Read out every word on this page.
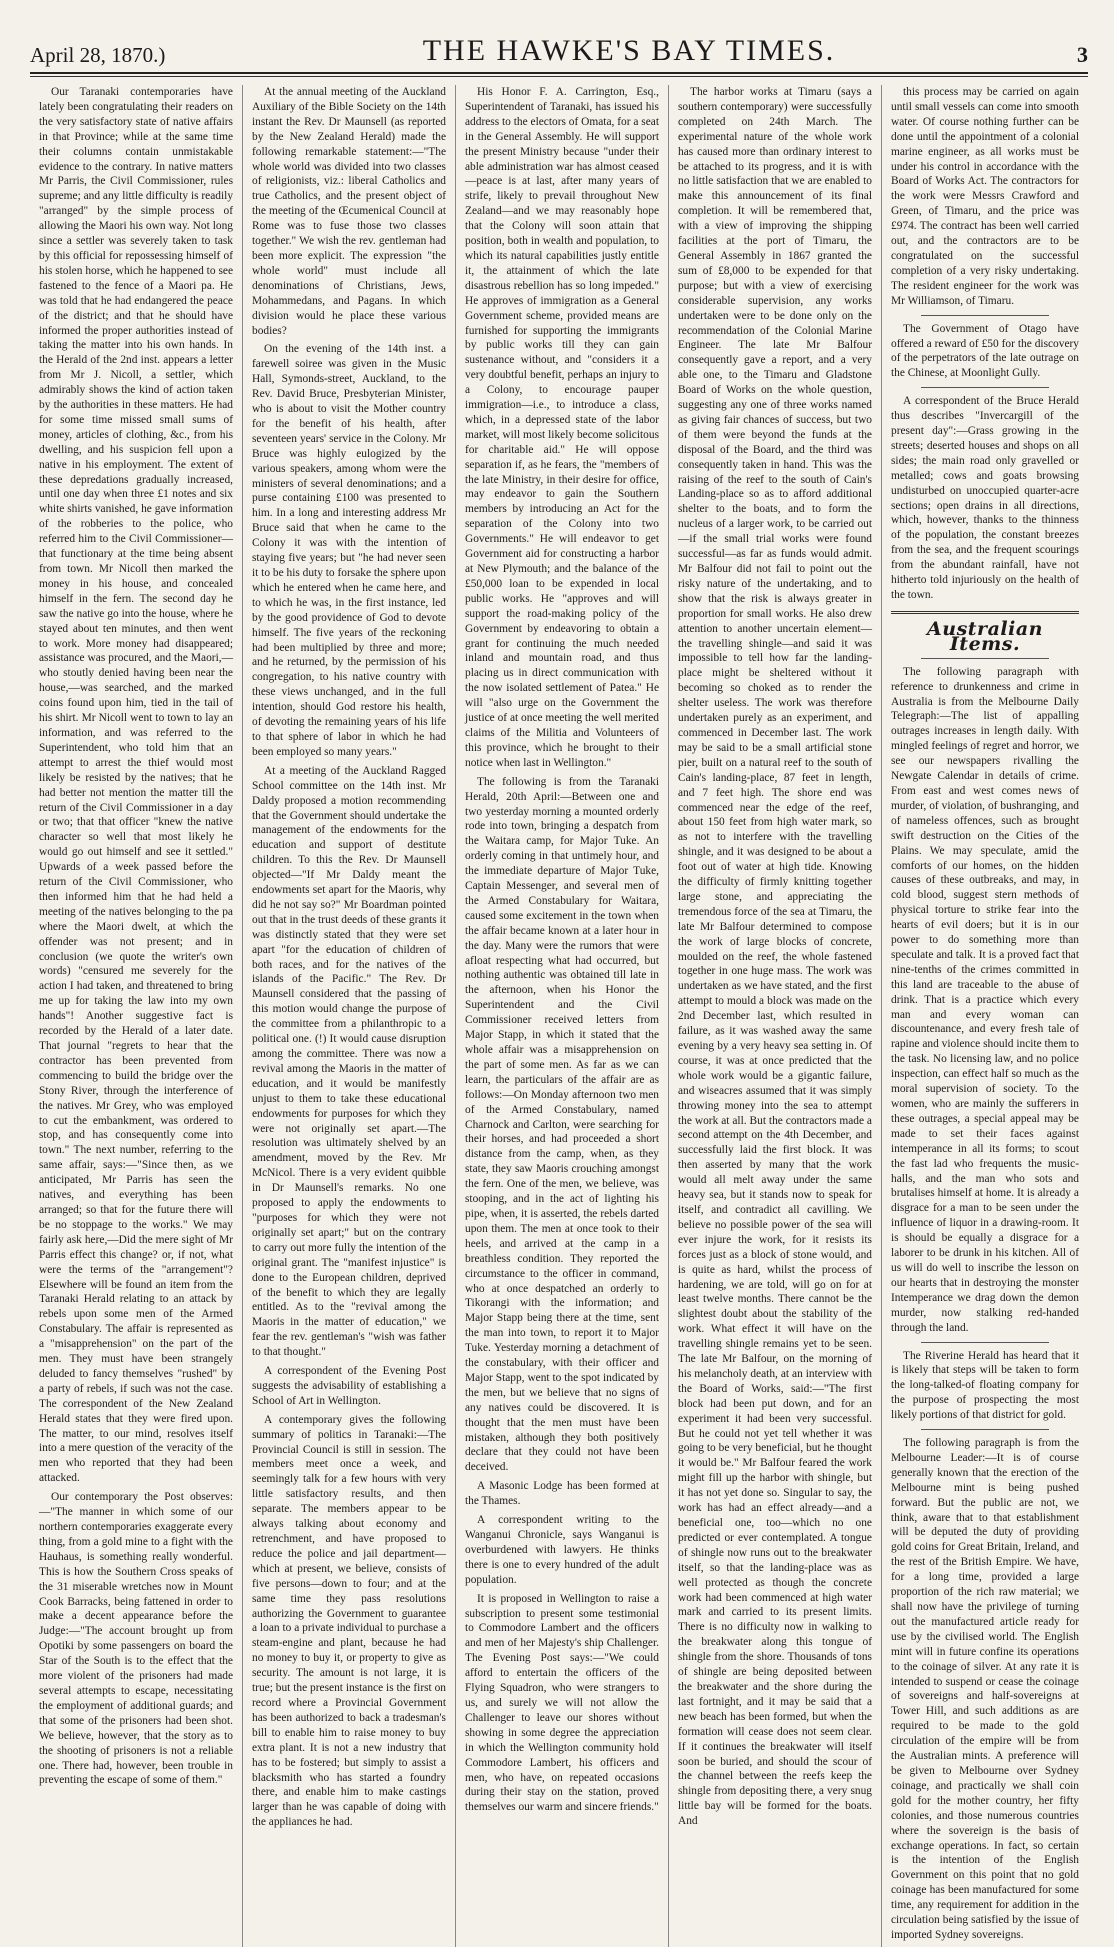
April 28, 1870.)	THE HAWKE'S BAY TIMES.	3

Our Taranaki contemporaries have lately been congratulating their readers on the very satisfactory state of native affairs in that Province; while at the same time their columns contain unmistakable evidence to the contrary. In native matters Mr Parris, the Civil Commissioner, rules supreme; and any little difficulty is readily "arranged" by the simple process of allowing the Maori his own way. Not long since a settler was severely taken to task by this official for repossessing himself of his stolen horse, which he happened to see fastened to the fence of a Maori pa. He was told that he had endangered the peace of the district; and that he should have informed the proper authorities instead of taking the matter into his own hands. In the Herald of the 2nd inst. appears a letter from Mr J. Nicoll, a settler, which admirably shows the kind of action taken by the authorities in these matters. He had for some time missed small sums of money, articles of clothing, &c., from his dwelling, and his suspicion fell upon a native in his employment. The extent of these depredations gradually increased, until one day when three £1 notes and six white shirts vanished, he gave information of the robberies to the police, who referred him to the Civil Commissioner—that functionary at the time being absent from town. Mr Nicoll then marked the money in his house, and concealed himself in the fern. The second day he saw the native go into the house, where he stayed about ten minutes, and then went to work. More money had disappeared; assistance was procured, and the Maori,—who stoutly denied having been near the house,—was searched, and the marked coins found upon him, tied in the tail of his shirt. Mr Nicoll went to town to lay an information, and was referred to the Superintendent, who told him that an attempt to arrest the thief would most likely be resisted by the natives; that he had better not mention the matter till the return of the Civil Commissioner in a day or two; that that officer "knew the native character so well that most likely he would go out himself and see it settled." Upwards of a week passed before the return of the Civil Commissioner, who then informed him that he had held a meeting of the natives belonging to the pa where the Maori dwelt, at which the offender was not present; and in conclusion (we quote the writer's own words) "censured me severely for the action I had taken, and threatened to bring me up for taking the law into my own hands"! Another suggestive fact is recorded by the Herald of a later date. That journal "regrets to hear that the contractor has been prevented from commencing to build the bridge over the Stony River, through the interference of the natives. Mr Grey, who was employed to cut the embankment, was ordered to stop, and has consequently come into town." The next number, referring to the same affair, says:—"Since then, as we anticipated, Mr Parris has seen the natives, and everything has been arranged; so that for the future there will be no stoppage to the works." We may fairly ask here,—Did the mere sight of Mr Parris effect this change? or, if not, what were the terms of the "arrangement"? Elsewhere will be found an item from the Taranaki Herald relating to an attack by rebels upon some men of the Armed Constabulary. The affair is represented as a "misapprehension" on the part of the men. They must have been strangely deluded to fancy themselves "rushed" by a party of rebels, if such was not the case. The correspondent of the New Zealand Herald states that they were fired upon. The matter, to our mind, resolves itself into a mere question of the veracity of the men who reported that they had been attacked.

Our contemporary the Post observes:—"The manner in which some of our northern contemporaries exaggerate every thing, from a gold mine to a fight with the Hauhaus, is something really wonderful. This is how the Southern Cross speaks of the 31 miserable wretches now in Mount Cook Barracks, being fattened in order to make a decent appearance before the Judge:—"The account brought up from Opotiki by some passengers on board the Star of the South is to the effect that the more violent of the prisoners had made several attempts to escape, necessitating the employment of additional guards; and that some of the prisoners had been shot. We believe, however, that the story as to the shooting of prisoners is not a reliable one. There had, however, been trouble in preventing the escape of some of them."

At the annual meeting of the Auckland Auxiliary of the Bible Society on the 14th instant the Rev. Dr Maunsell (as reported by the New Zealand Herald) made the following remarkable statement:—"The whole world was divided into two classes of religionists, viz.: liberal Catholics and true Catholics, and the present object of the meeting of the Œcumenical Council at Rome was to fuse those two classes together." We wish the rev. gentleman had been more explicit. The expression "the whole world" must include all denominations of Christians, Jews, Mohammedans, and Pagans. In which division would he place these various bodies?

On the evening of the 14th inst. a farewell soiree was given in the Music Hall, Symonds-street, Auckland, to the Rev. David Bruce, Presbyterian Minister, who is about to visit the Mother country for the benefit of his health, after seventeen years' service in the Colony. Mr Bruce was highly eulogized by the various speakers, among whom were the ministers of several denominations; and a purse containing £100 was presented to him. In a long and interesting address Mr Bruce said that when he came to the Colony it was with the intention of staying five years; but "he had never seen it to be his duty to forsake the sphere upon which he entered when he came here, and to which he was, in the first instance, led by the good providence of God to devote himself. The five years of the reckoning had been multiplied by three and more; and he returned, by the permission of his congregation, to his native country with these views unchanged, and in the full intention, should God restore his health, of devoting the remaining years of his life to that sphere of labor in which he had been employed so many years."

At a meeting of the Auckland Ragged School committee on the 14th inst. Mr Daldy proposed a motion recommending that the Government should undertake the management of the endowments for the education and support of destitute children. To this the Rev. Dr Maunsell objected—"If Mr Daldy meant the endowments set apart for the Maoris, why did he not say so?" Mr Boardman pointed out that in the trust deeds of these grants it was distinctly stated that they were set apart "for the education of children of both races, and for the natives of the islands of the Pacific." The Rev. Dr Maunsell considered that the passing of this motion would change the purpose of the committee from a philanthropic to a political one. (!) It would cause disruption among the committee. There was now a revival among the Maoris in the matter of education, and it would be manifestly unjust to them to take these educational endowments for purposes for which they were not originally set apart.—The resolution was ultimately shelved by an amendment, moved by the Rev. Mr McNicol. There is a very evident quibble in Dr Maunsell's remarks. No one proposed to apply the endowments to "purposes for which they were not originally set apart;" but on the contrary to carry out more fully the intention of the original grant. The "manifest injustice" is done to the European children, deprived of the benefit to which they are legally entitled. As to the "revival among the Maoris in the matter of education," we fear the rev. gentleman's "wish was father to that thought."

A correspondent of the Evening Post suggests the advisability of establishing a School of Art in Wellington.

A contemporary gives the following summary of politics in Taranaki:—The Provincial Council is still in session. The members meet once a week, and seemingly talk for a few hours with very little satisfactory results, and then separate. The members appear to be always talking about economy and retrenchment, and have proposed to reduce the police and jail department—which at present, we believe, consists of five persons—down to four; and at the same time they pass resolutions authorizing the Government to guarantee a loan to a private individual to purchase a steam-engine and plant, because he had no money to buy it, or property to give as security. The amount is not large, it is true; but the present instance is the first on record where a Provincial Government has been authorized to back a tradesman's bill to enable him to raise money to buy extra plant. It is not a new industry that has to be fostered; but simply to assist a blacksmith who has started a foundry there, and enable him to make castings larger than he was capable of doing with the appliances he had.

His Honor F. A. Carrington, Esq., Superintendent of Taranaki, has issued his address to the electors of Omata, for a seat in the General Assembly. He will support the present Ministry because "under their able administration war has almost ceased—peace is at last, after many years of strife, likely to prevail throughout New Zealand—and we may reasonably hope that the Colony will soon attain that position, both in wealth and population, to which its natural capabilities justly entitle it, the attainment of which the late disastrous rebellion has so long impeded." He approves of immigration as a General Government scheme, provided means are furnished for supporting the immigrants by public works till they can gain sustenance without, and "considers it a very doubtful benefit, perhaps an injury to a Colony, to encourage pauper immigration—i.e., to introduce a class, which, in a depressed state of the labor market, will most likely become solicitous for charitable aid." He will oppose separation if, as he fears, the "members of the late Ministry, in their desire for office, may endeavor to gain the Southern members by introducing an Act for the separation of the Colony into two Governments." He will endeavor to get Government aid for constructing a harbor at New Plymouth; and the balance of the £50,000 loan to be expended in local public works. He "approves and will support the road-making policy of the Government by endeavoring to obtain a grant for continuing the much needed inland and mountain road, and thus placing us in direct communication with the now isolated settlement of Patea." He will "also urge on the Government the justice of at once meeting the well merited claims of the Militia and Volunteers of this province, which he brought to their notice when last in Wellington."

The following is from the Taranaki Herald, 20th April:—Between one and two yesterday morning a mounted orderly rode into town, bringing a despatch from the Waitara camp, for Major Tuke. An orderly coming in that untimely hour, and the immediate departure of Major Tuke, Captain Messenger, and several men of the Armed Constabulary for Waitara, caused some excitement in the town when the affair became known at a later hour in the day. Many were the rumors that were afloat respecting what had occurred, but nothing authentic was obtained till late in the afternoon, when his Honor the Superintendent and the Civil Commissioner received letters from Major Stapp, in which it stated that the whole affair was a misapprehension on the part of some men. As far as we can learn, the particulars of the affair are as follows:—On Monday afternoon two men of the Armed Constabulary, named Charnock and Carlton, were searching for their horses, and had proceeded a short distance from the camp, when, as they state, they saw Maoris crouching amongst the fern. One of the men, we believe, was stooping, and in the act of lighting his pipe, when, it is asserted, the rebels darted upon them. The men at once took to their heels, and arrived at the camp in a breathless condition. They reported the circumstance to the officer in command, who at once despatched an orderly to Tikorangi with the information; and Major Stapp being there at the time, sent the man into town, to report it to Major Tuke. Yesterday morning a detachment of the constabulary, with their officer and Major Stapp, went to the spot indicated by the men, but we believe that no signs of any natives could be discovered. It is thought that the men must have been mistaken, although they both positively declare that they could not have been deceived.

A Masonic Lodge has been formed at the Thames.

A correspondent writing to the Wanganui Chronicle, says Wanganui is overburdened with lawyers. He thinks there is one to every hundred of the adult population.

It is proposed in Wellington to raise a subscription to present some testimonial to Commodore Lambert and the officers and men of her Majesty's ship Challenger. The Evening Post says:—"We could afford to entertain the officers of the Flying Squadron, who were strangers to us, and surely we will not allow the Challenger to leave our shores without showing in some degree the appreciation in which the Wellington community hold Commodore Lambert, his officers and men, who have, on repeated occasions during their stay on the station, proved themselves our warm and sincere friends."

The harbor works at Timaru (says a southern contemporary) were successfully completed on 24th March. The experimental nature of the whole work has caused more than ordinary interest to be attached to its progress, and it is with no little satisfaction that we are enabled to make this announcement of its final completion. It will be remembered that, with a view of improving the shipping facilities at the port of Timaru, the General Assembly in 1867 granted the sum of £8,000 to be expended for that purpose; but with a view of exercising considerable supervision, any works undertaken were to be done only on the recommendation of the Colonial Marine Engineer. The late Mr Balfour consequently gave a report, and a very able one, to the Timaru and Gladstone Board of Works on the whole question, suggesting any one of three works named as giving fair chances of success, but two of them were beyond the funds at the disposal of the Board, and the third was consequently taken in hand. This was the raising of the reef to the south of Cain's Landing-place so as to afford additional shelter to the boats, and to form the nucleus of a larger work, to be carried out—if the small trial works were found successful—as far as funds would admit. Mr Balfour did not fail to point out the risky nature of the undertaking, and to show that the risk is always greater in proportion for small works. He also drew attention to another uncertain element—the travelling shingle—and said it was impossible to tell how far the landing-place might be sheltered without it becoming so choked as to render the shelter useless. The work was therefore undertaken purely as an experiment, and commenced in December last. The work may be said to be a small artificial stone pier, built on a natural reef to the south of Cain's landing-place, 87 feet in length, and 7 feet high. The shore end was commenced near the edge of the reef, about 150 feet from high water mark, so as not to interfere with the travelling shingle, and it was designed to be about a foot out of water at high tide. Knowing the difficulty of firmly knitting together large stone, and appreciating the tremendous force of the sea at Timaru, the late Mr Balfour determined to compose the work of large blocks of concrete, moulded on the reef, the whole fastened together in one huge mass. The work was undertaken as we have stated, and the first attempt to mould a block was made on the 2nd December last, which resulted in failure, as it was washed away the same evening by a very heavy sea setting in. Of course, it was at once predicted that the whole work would be a gigantic failure, and wiseacres assumed that it was simply throwing money into the sea to attempt the work at all. But the contractors made a second attempt on the 4th December, and successfully laid the first block. It was then asserted by many that the work would all melt away under the same heavy sea, but it stands now to speak for itself, and contradict all cavilling. We believe no possible power of the sea will ever injure the work, for it resists its forces just as a block of stone would, and is quite as hard, whilst the process of hardening, we are told, will go on for at least twelve months. There cannot be the slightest doubt about the stability of the work. What effect it will have on the travelling shingle remains yet to be seen. The late Mr Balfour, on the morning of his melancholy death, at an interview with the Board of Works, said:—"The first block had been put down, and for an experiment it had been very successful. But he could not yet tell whether it was going to be very beneficial, but he thought it would be." Mr Balfour feared the work might fill up the harbor with shingle, but it has not yet done so. Singular to say, the work has had an effect already—and a beneficial one, too—which no one predicted or ever contemplated. A tongue of shingle now runs out to the breakwater itself, so that the landing-place was as well protected as though the concrete work had been commenced at high water mark and carried to its present limits. There is no difficulty now in walking to the breakwater along this tongue of shingle from the shore. Thousands of tons of shingle are being deposited between the breakwater and the shore during the last fortnight, and it may be said that a new beach has been formed, but when the formation will cease does not seem clear. If it continues the breakwater will itself soon be buried, and should the scour of the channel between the reefs keep the shingle from depositing there, a very snug little bay will be formed for the boats. And

this process may be carried on again until small vessels can come into smooth water. Of course nothing further can be done until the appointment of a colonial marine engineer, as all works must be under his control in accordance with the Board of Works Act. The contractors for the work were Messrs Crawford and Green, of Timaru, and the price was £974. The contract has been well carried out, and the contractors are to be congratulated on the successful completion of a very risky undertaking. The resident engineer for the work was Mr Williamson, of Timaru.

The Government of Otago have offered a reward of £50 for the discovery of the perpetrators of the late outrage on the Chinese, at Moonlight Gully.

A correspondent of the Bruce Herald thus describes "Invercargill of the present day":—Grass growing in the streets; deserted houses and shops on all sides; the main road only gravelled or metalled; cows and goats browsing undisturbed on unoccupied quarter-acre sections; open drains in all directions, which, however, thanks to the thinness of the population, the constant breezes from the sea, and the frequent scourings from the abundant rainfall, have not hitherto told injuriously on the health of the town.

Australian Items.

The following paragraph with reference to drunkenness and crime in Australia is from the Melbourne Daily Telegraph:—The list of appalling outrages increases in length daily. With mingled feelings of regret and horror, we see our newspapers rivalling the Newgate Calendar in details of crime. From east and west comes news of murder, of violation, of bushranging, and of nameless offences, such as brought swift destruction on the Cities of the Plains. We may speculate, amid the comforts of our homes, on the hidden causes of these outbreaks, and may, in cold blood, suggest stern methods of physical torture to strike fear into the hearts of evil doers; but it is in our power to do something more than speculate and talk. It is a proved fact that nine-tenths of the crimes committed in this land are traceable to the abuse of drink. That is a practice which every man and every woman can discountenance, and every fresh tale of rapine and violence should incite them to the task. No licensing law, and no police inspection, can effect half so much as the moral supervision of society. To the women, who are mainly the sufferers in these outrages, a special appeal may be made to set their faces against intemperance in all its forms; to scout the fast lad who frequents the music-halls, and the man who sots and brutalises himself at home. It is already a disgrace for a man to be seen under the influence of liquor in a drawing-room. It is should be equally a disgrace for a laborer to be drunk in his kitchen. All of us will do well to inscribe the lesson on our hearts that in destroying the monster Intemperance we drag down the demon murder, now stalking red-handed through the land.

The Riverine Herald has heard that it is likely that steps will be taken to form the long-talked-of floating company for the purpose of prospecting the most likely portions of that district for gold.

The following paragraph is from the Melbourne Leader:—It is of course generally known that the erection of the Melbourne mint is being pushed forward. But the public are not, we think, aware that to that establishment will be deputed the duty of providing gold coins for Great Britain, Ireland, and the rest of the British Empire. We have, for a long time, provided a large proportion of the rich raw material; we shall now have the privilege of turning out the manufactured article ready for use by the civilised world. The English mint will in future confine its operations to the coinage of silver. At any rate it is intended to suspend or cease the coinage of sovereigns and half-sovereigns at Tower Hill, and such additions as are required to be made to the gold circulation of the empire will be from the Australian mints. A preference will be given to Melbourne over Sydney coinage, and practically we shall coin gold for the mother country, her fifty colonies, and those numerous countries where the sovereign is the basis of exchange operations. In fact, so certain is the intention of the English Government on this point that no gold coinage has been manufactured for some time, any requirement for addition in the circulation being satisfied by the issue of imported Sydney sovereigns.
